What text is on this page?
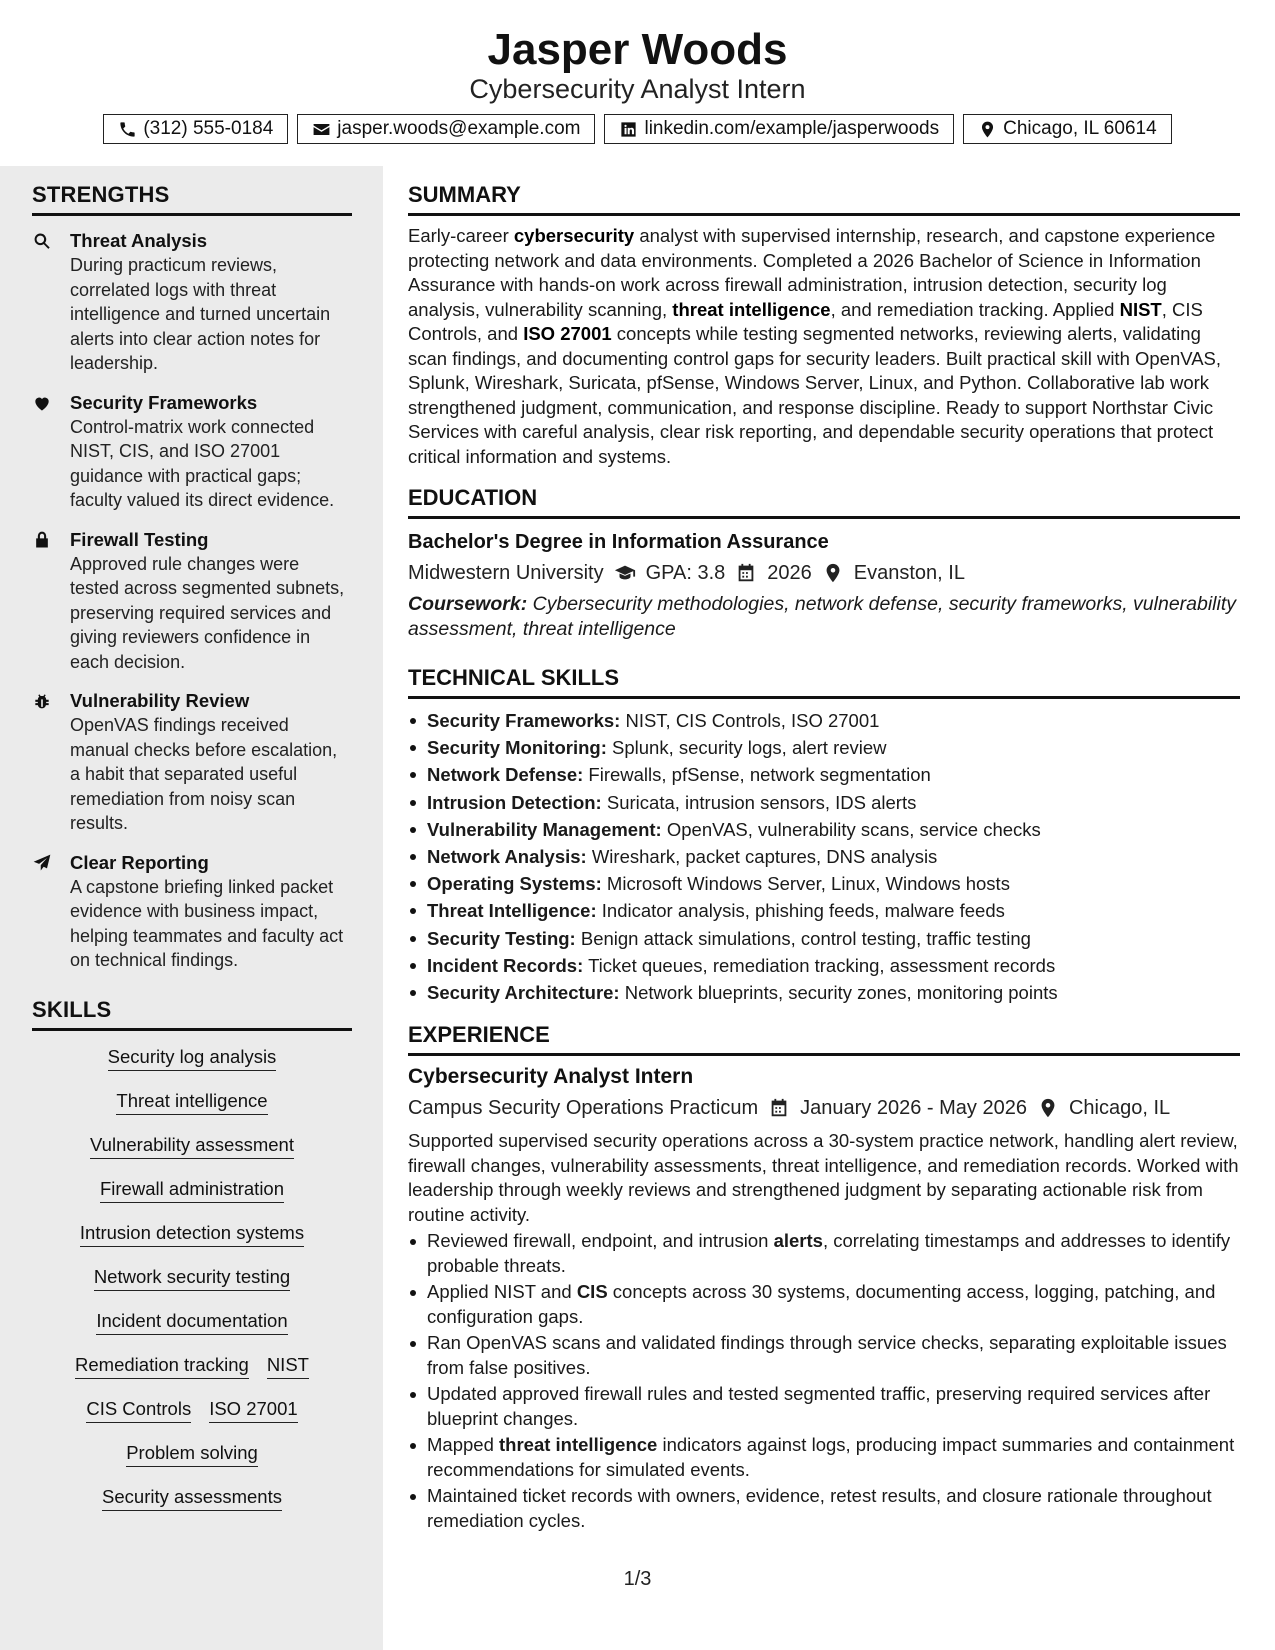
Jasper Woods
Cybersecurity Analyst Intern
(312) 555-0184	jasper.woods@example.com	linkedin.com/example/jasperwoods	Chicago, IL 60614
STRENGTHS
Threat Analysis
During practicum reviews, correlated logs with threat intelligence and turned uncertain alerts into clear action notes for leadership.
Security Frameworks
Control-matrix work connected NIST, CIS, and ISO 27001 guidance with practical gaps; faculty valued its direct evidence.
Firewall Testing
Approved rule changes were tested across segmented subnets, preserving required services and giving reviewers confidence in each decision.
Vulnerability Review
OpenVAS findings received manual checks before escalation, a habit that separated useful remediation from noisy scan results.
Clear Reporting
A capstone briefing linked packet evidence with business impact, helping teammates and faculty act on technical findings.
SKILLS
Security log analysis
Threat intelligence
Vulnerability assessment
Firewall administration
Intrusion detection systems
Network security testing
Incident documentation
Remediation tracking NIST
CIS Controls ISO 27001
Problem solving
Security assessments
SUMMARY
Early-career cybersecurity analyst with supervised internship, research, and capstone experience protecting network and data environments. Completed a 2026 Bachelor of Science in Information Assurance with hands-on work across firewall administration, intrusion detection, security log analysis, vulnerability scanning, threat intelligence, and remediation tracking. Applied NIST, CIS Controls, and ISO 27001 concepts while testing segmented networks, reviewing alerts, validating scan findings, and documenting control gaps for security leaders. Built practical skill with OpenVAS, Splunk, Wireshark, Suricata, pfSense, Windows Server, Linux, and Python. Collaborative lab work strengthened judgment, communication, and response discipline. Ready to support Northstar Civic Services with careful analysis, clear risk reporting, and dependable security operations that protect critical information and systems.
EDUCATION
Bachelor's Degree in Information Assurance
Midwestern University GPA: 3.8 2026 Evanston, IL
Coursework: Cybersecurity methodologies, network defense, security frameworks, vulnerability assessment, threat intelligence
TECHNICAL SKILLS
Security Frameworks: NIST, CIS Controls, ISO 27001
Security Monitoring: Splunk, security logs, alert review
Network Defense: Firewalls, pfSense, network segmentation
Intrusion Detection: Suricata, intrusion sensors, IDS alerts
Vulnerability Management: OpenVAS, vulnerability scans, service checks
Network Analysis: Wireshark, packet captures, DNS analysis
Operating Systems: Microsoft Windows Server, Linux, Windows hosts
Threat Intelligence: Indicator analysis, phishing feeds, malware feeds
Security Testing: Benign attack simulations, control testing, traffic testing
Incident Records: Ticket queues, remediation tracking, assessment records
Security Architecture: Network blueprints, security zones, monitoring points
EXPERIENCE
Cybersecurity Analyst Intern
Campus Security Operations Practicum January 2026 - May 2026 Chicago, IL
Supported supervised security operations across a 30-system practice network, handling alert review, firewall changes, vulnerability assessments, threat intelligence, and remediation records. Worked with leadership through weekly reviews and strengthened judgment by separating actionable risk from routine activity.
Reviewed firewall, endpoint, and intrusion alerts, correlating timestamps and addresses to identify probable threats.
Applied NIST and CIS concepts across 30 systems, documenting access, logging, patching, and configuration gaps.
Ran OpenVAS scans and validated findings through service checks, separating exploitable issues from false positives.
Updated approved firewall rules and tested segmented traffic, preserving required services after blueprint changes.
Mapped threat intelligence indicators against logs, producing impact summaries and containment recommendations for simulated events.
Maintained ticket records with owners, evidence, retest results, and closure rationale throughout remediation cycles.
1/3
